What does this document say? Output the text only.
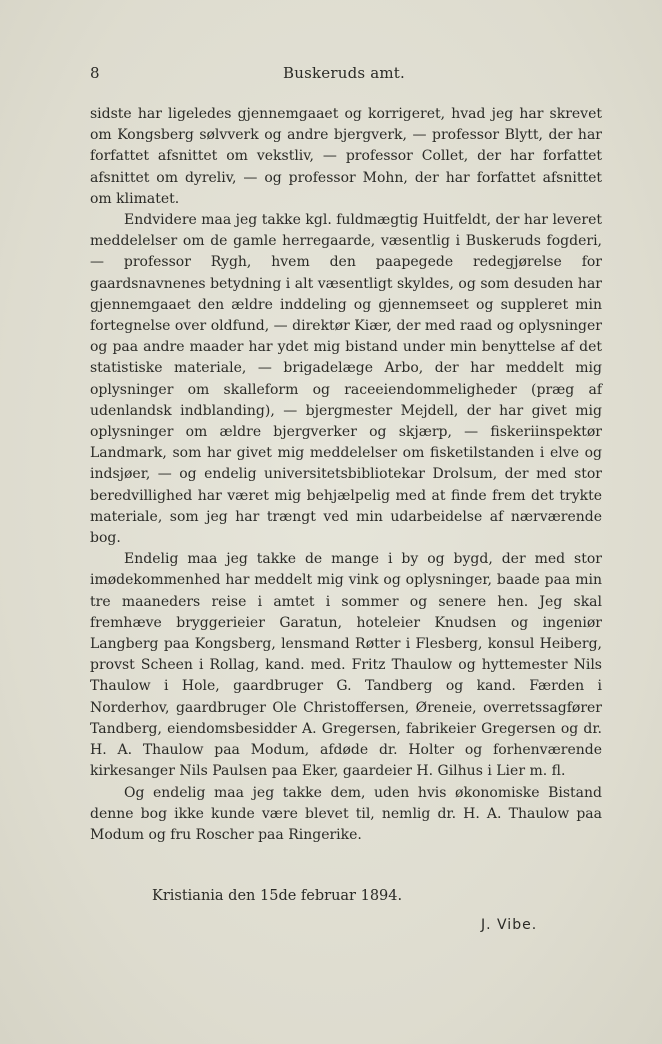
8	Buskeruds amt.

sidste har ligeledes gjennemgaaet og korrigeret, hvad jeg har skrevet om Kongsberg sølvverk og andre bjergverk, — professor Blytt, der har forfattet afsnittet om vekstliv, — professor Collet, der har forfattet afsnittet om dyreliv, — og professor Mohn, der har forfattet afsnittet om klimatet.

Endvidere maa jeg takke kgl. fuldmægtig Huitfeldt, der har leveret meddelelser om de gamle herregaarde, væsentlig i Buskeruds fogderi, — professor Rygh, hvem den paapegede redegjørelse for gaardsnavnenes betydning i alt væsentligt skyldes, og som desuden har gjennemgaaet den ældre inddeling og gjennemseet og suppleret min fortegnelse over oldfund, — direktør Kiær, der med raad og oplysninger og paa andre maader har ydet mig bistand under min benyttelse af det statistiske materiale, — brigadelæge Arbo, der har meddelt mig oplysninger om skalleform og raceeiendommeligheder (præg af udenlandsk indblanding), — bjergmester Mejdell, der har givet mig oplysninger om ældre bjergverker og skjærp, — fiskeriinspektør Landmark, som har givet mig meddelelser om fisketilstanden i elve og indsjøer, — og endelig universitetsbibliotekar Drolsum, der med stor beredvillighed har været mig behjælpelig med at finde frem det trykte materiale, som jeg har trængt ved min udarbeidelse af nærværende bog.

Endelig maa jeg takke de mange i by og bygd, der med stor imødekommenhed har meddelt mig vink og oplysninger, baade paa min tre maaneders reise i amtet i sommer og senere hen. Jeg skal fremhæve bryggerieier Garatun, hoteleier Knudsen og ingeniør Langberg paa Kongsberg, lensmand Røtter i Flesberg, konsul Heiberg, provst Scheen i Rollag, kand. med. Fritz Thaulow og hyttemester Nils Thaulow i Hole, gaardbruger G. Tandberg og kand. Færden i Norderhov, gaardbruger Ole Christoffersen, Øreneie, overretssagfører Tandberg, eiendomsbesidder A. Gregersen, fabrikeier Gregersen og dr. H. A. Thaulow paa Modum, afdøde dr. Holter og forhenværende kirkesanger Nils Paulsen paa Eker, gaardeier H. Gilhus i Lier m. fl.

Og endelig maa jeg takke dem, uden hvis økonomiske Bistand denne bog ikke kunde være blevet til, nemlig dr. H. A. Thaulow paa Modum og fru Roscher paa Ringerike.

Kristiania den 15de februar 1894.
J. Vibe.
